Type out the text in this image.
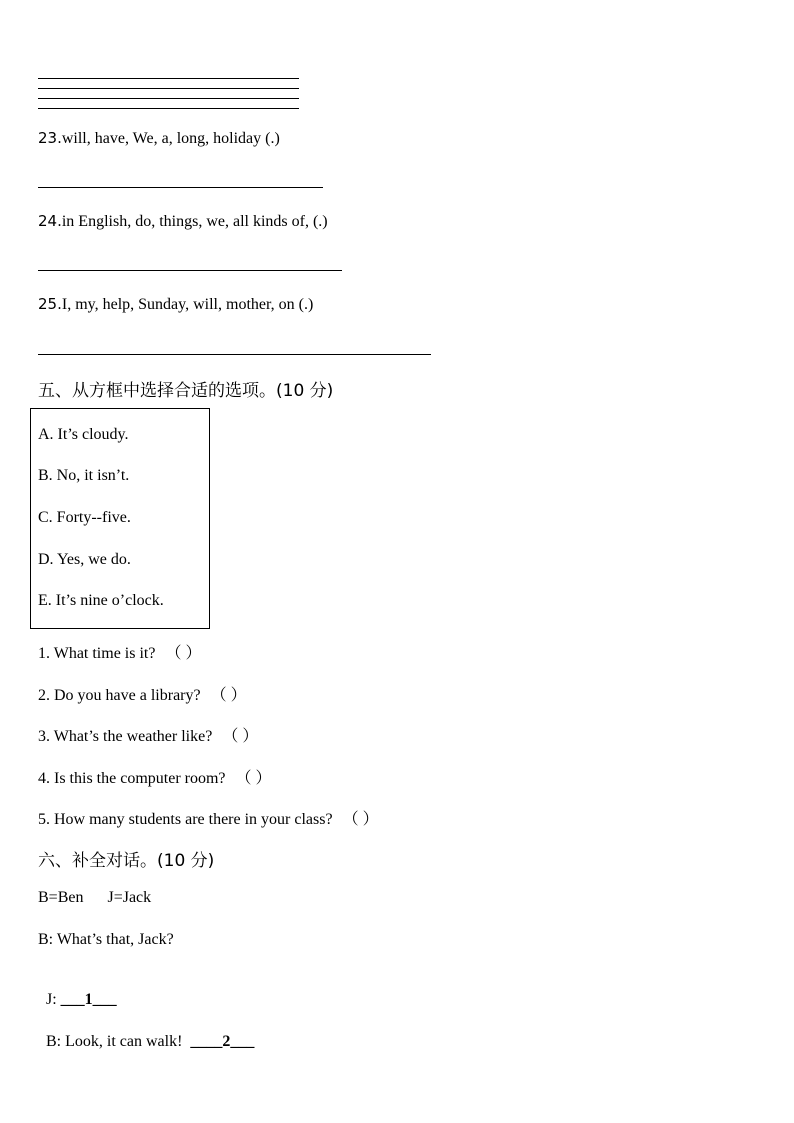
23.will, have, We, a, long, holiday (.)
24.in English, do, things, we, all kinds of, (.)
25.I, my, help, Sunday, will, mother, on (.)
五、从方框中选择合适的选项。(10 分)
A. It’s cloudy.
B. No, it isn’t.
C. Forty--five.
D. Yes, we do.
E. It’s nine o’clock.
1. What time is it? （ ）
2. Do you have a library? （ ）
3. What’s the weather like? （ ）
4. Is this the computer room? （ ）
5. How many students are there in your class? （ ）
六、补全对话。(10 分)
B=Ben      J=Jack
B: What’s that, Jack?

J: ___1___

B: Look, it can walk!  ____2___
